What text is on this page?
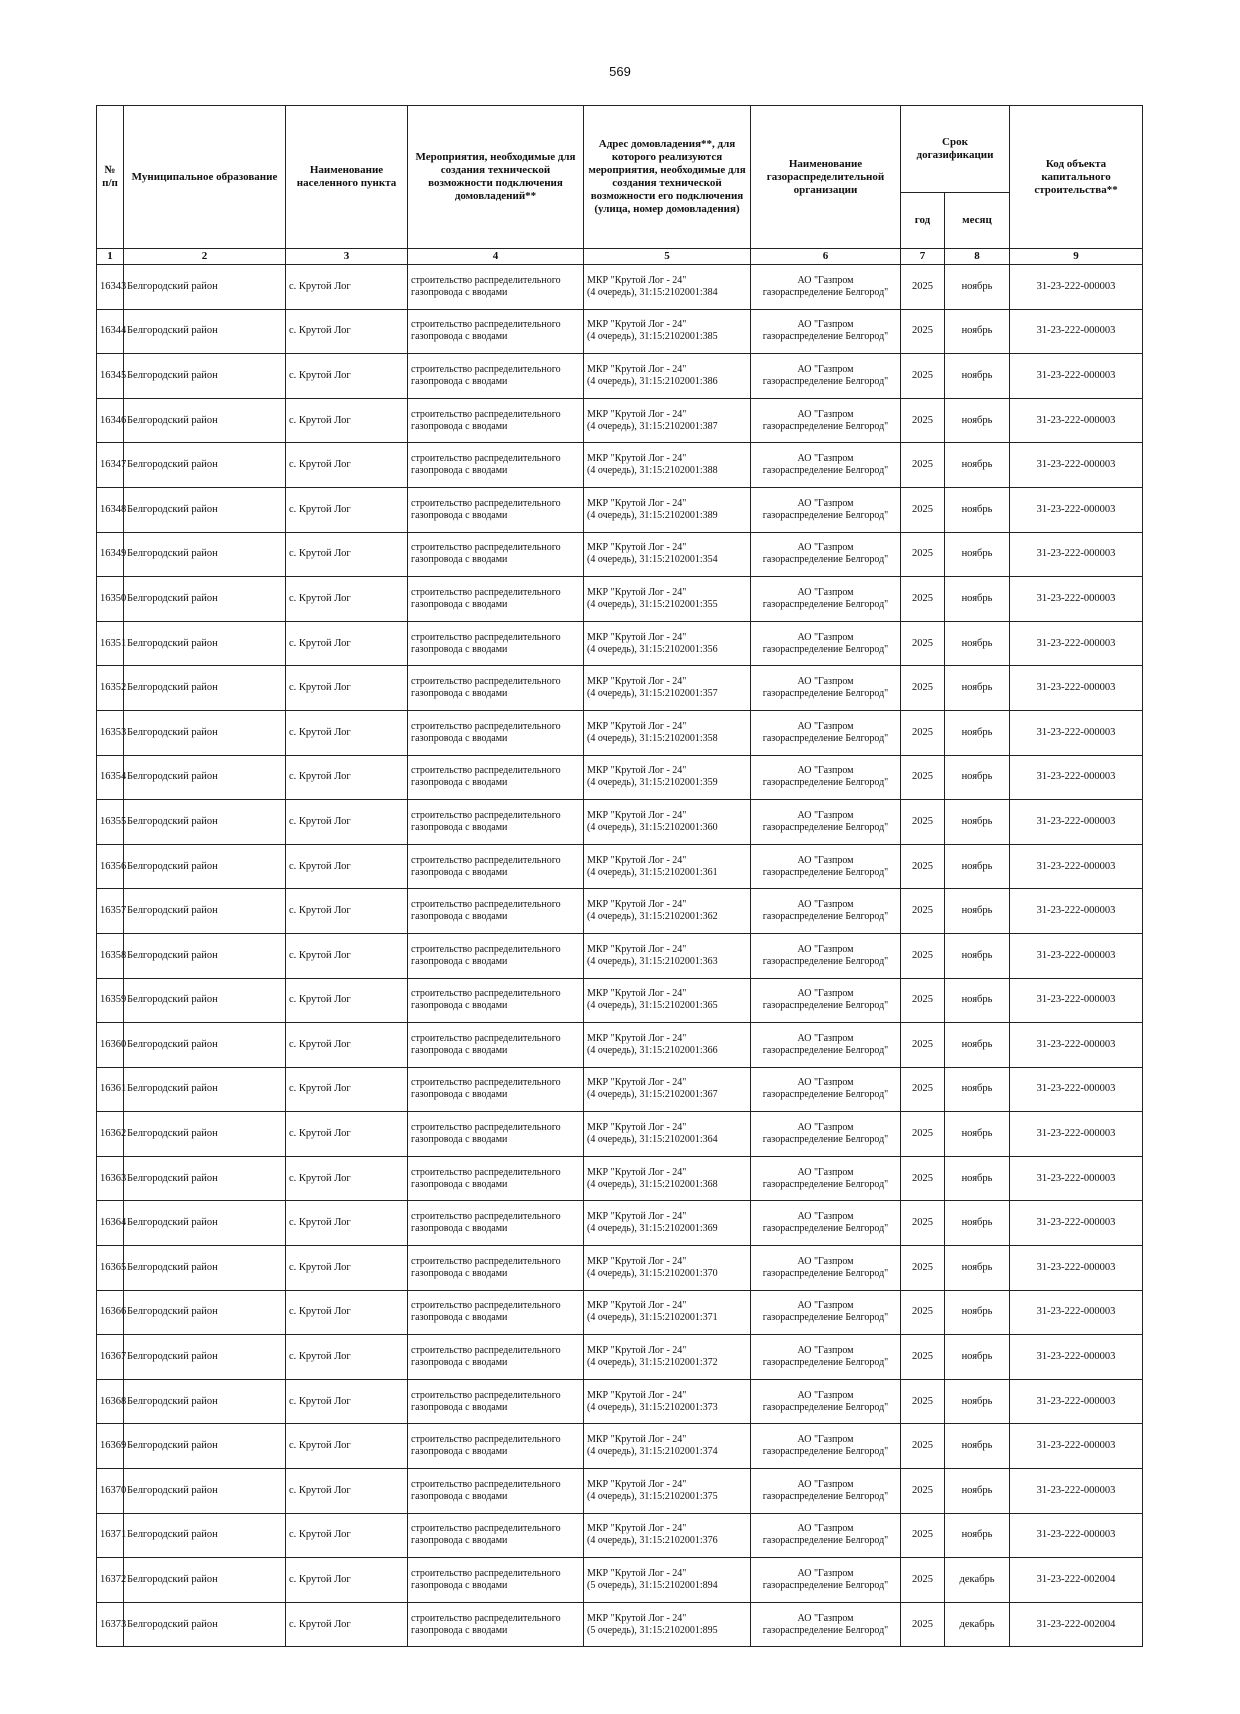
569
№ п/п	Муниципальное образование	Наименование населенного пункта	Мероприятия, необходимые для создания технической возможности подключения домовладений**	Адрес домовладения**, для которого реализуются мероприятия, необходимые для создания технической возможности его подключения (улица, номер домовладения)	Наименование газораспределительной организации	Срок догазификации		Код объекта капитального строительства**
						год	месяц	
1	2	3	4	5	6	7	8	9
16343	Белгородский район	с. Крутой Лог	строительство распределительного
газопровода с вводами	МКР "Крутой Лог - 24"
(4 очередь), 31:15:2102001:384	АО "Газпром
газораспределение Белгород"	2025	ноябрь	31-23-222-000003
16344	Белгородский район	с. Крутой Лог	строительство распределительного
газопровода с вводами	МКР "Крутой Лог - 24"
(4 очередь), 31:15:2102001:385	АО "Газпром
газораспределение Белгород"	2025	ноябрь	31-23-222-000003
16345	Белгородский район	с. Крутой Лог	строительство распределительного
газопровода с вводами	МКР "Крутой Лог - 24"
(4 очередь), 31:15:2102001:386	АО "Газпром
газораспределение Белгород"	2025	ноябрь	31-23-222-000003
16346	Белгородский район	с. Крутой Лог	строительство распределительного
газопровода с вводами	МКР "Крутой Лог - 24"
(4 очередь), 31:15:2102001:387	АО "Газпром
газораспределение Белгород"	2025	ноябрь	31-23-222-000003
16347	Белгородский район	с. Крутой Лог	строительство распределительного
газопровода с вводами	МКР "Крутой Лог - 24"
(4 очередь), 31:15:2102001:388	АО "Газпром
газораспределение Белгород"	2025	ноябрь	31-23-222-000003
16348	Белгородский район	с. Крутой Лог	строительство распределительного
газопровода с вводами	МКР "Крутой Лог - 24"
(4 очередь), 31:15:2102001:389	АО "Газпром
газораспределение Белгород"	2025	ноябрь	31-23-222-000003
16349	Белгородский район	с. Крутой Лог	строительство распределительного
газопровода с вводами	МКР "Крутой Лог - 24"
(4 очередь), 31:15:2102001:354	АО "Газпром
газораспределение Белгород"	2025	ноябрь	31-23-222-000003
16350	Белгородский район	с. Крутой Лог	строительство распределительного
газопровода с вводами	МКР "Крутой Лог - 24"
(4 очередь), 31:15:2102001:355	АО "Газпром
газораспределение Белгород"	2025	ноябрь	31-23-222-000003
16351	Белгородский район	с. Крутой Лог	строительство распределительного
газопровода с вводами	МКР "Крутой Лог - 24"
(4 очередь), 31:15:2102001:356	АО "Газпром
газораспределение Белгород"	2025	ноябрь	31-23-222-000003
16352	Белгородский район	с. Крутой Лог	строительство распределительного
газопровода с вводами	МКР "Крутой Лог - 24"
(4 очередь), 31:15:2102001:357	АО "Газпром
газораспределение Белгород"	2025	ноябрь	31-23-222-000003
16353	Белгородский район	с. Крутой Лог	строительство распределительного
газопровода с вводами	МКР "Крутой Лог - 24"
(4 очередь), 31:15:2102001:358	АО "Газпром
газораспределение Белгород"	2025	ноябрь	31-23-222-000003
16354	Белгородский район	с. Крутой Лог	строительство распределительного
газопровода с вводами	МКР "Крутой Лог - 24"
(4 очередь), 31:15:2102001:359	АО "Газпром
газораспределение Белгород"	2025	ноябрь	31-23-222-000003
16355	Белгородский район	с. Крутой Лог	строительство распределительного
газопровода с вводами	МКР "Крутой Лог - 24"
(4 очередь), 31:15:2102001:360	АО "Газпром
газораспределение Белгород"	2025	ноябрь	31-23-222-000003
16356	Белгородский район	с. Крутой Лог	строительство распределительного
газопровода с вводами	МКР "Крутой Лог - 24"
(4 очередь), 31:15:2102001:361	АО "Газпром
газораспределение Белгород"	2025	ноябрь	31-23-222-000003
16357	Белгородский район	с. Крутой Лог	строительство распределительного
газопровода с вводами	МКР "Крутой Лог - 24"
(4 очередь), 31:15:2102001:362	АО "Газпром
газораспределение Белгород"	2025	ноябрь	31-23-222-000003
16358	Белгородский район	с. Крутой Лог	строительство распределительного
газопровода с вводами	МКР "Крутой Лог - 24"
(4 очередь), 31:15:2102001:363	АО "Газпром
газораспределение Белгород"	2025	ноябрь	31-23-222-000003
16359	Белгородский район	с. Крутой Лог	строительство распределительного
газопровода с вводами	МКР "Крутой Лог - 24"
(4 очередь), 31:15:2102001:365	АО "Газпром
газораспределение Белгород"	2025	ноябрь	31-23-222-000003
16360	Белгородский район	с. Крутой Лог	строительство распределительного
газопровода с вводами	МКР "Крутой Лог - 24"
(4 очередь), 31:15:2102001:366	АО "Газпром
газораспределение Белгород"	2025	ноябрь	31-23-222-000003
16361	Белгородский район	с. Крутой Лог	строительство распределительного
газопровода с вводами	МКР "Крутой Лог - 24"
(4 очередь), 31:15:2102001:367	АО "Газпром
газораспределение Белгород"	2025	ноябрь	31-23-222-000003
16362	Белгородский район	с. Крутой Лог	строительство распределительного
газопровода с вводами	МКР "Крутой Лог - 24"
(4 очередь), 31:15:2102001:364	АО "Газпром
газораспределение Белгород"	2025	ноябрь	31-23-222-000003
16363	Белгородский район	с. Крутой Лог	строительство распределительного
газопровода с вводами	МКР "Крутой Лог - 24"
(4 очередь), 31:15:2102001:368	АО "Газпром
газораспределение Белгород"	2025	ноябрь	31-23-222-000003
16364	Белгородский район	с. Крутой Лог	строительство распределительного
газопровода с вводами	МКР "Крутой Лог - 24"
(4 очередь), 31:15:2102001:369	АО "Газпром
газораспределение Белгород"	2025	ноябрь	31-23-222-000003
16365	Белгородский район	с. Крутой Лог	строительство распределительного
газопровода с вводами	МКР "Крутой Лог - 24"
(4 очередь), 31:15:2102001:370	АО "Газпром
газораспределение Белгород"	2025	ноябрь	31-23-222-000003
16366	Белгородский район	с. Крутой Лог	строительство распределительного
газопровода с вводами	МКР "Крутой Лог - 24"
(4 очередь), 31:15:2102001:371	АО "Газпром
газораспределение Белгород"	2025	ноябрь	31-23-222-000003
16367	Белгородский район	с. Крутой Лог	строительство распределительного
газопровода с вводами	МКР "Крутой Лог - 24"
(4 очередь), 31:15:2102001:372	АО "Газпром
газораспределение Белгород"	2025	ноябрь	31-23-222-000003
16368	Белгородский район	с. Крутой Лог	строительство распределительного
газопровода с вводами	МКР "Крутой Лог - 24"
(4 очередь), 31:15:2102001:373	АО "Газпром
газораспределение Белгород"	2025	ноябрь	31-23-222-000003
16369	Белгородский район	с. Крутой Лог	строительство распределительного
газопровода с вводами	МКР "Крутой Лог - 24"
(4 очередь), 31:15:2102001:374	АО "Газпром
газораспределение Белгород"	2025	ноябрь	31-23-222-000003
16370	Белгородский район	с. Крутой Лог	строительство распределительного
газопровода с вводами	МКР "Крутой Лог - 24"
(4 очередь), 31:15:2102001:375	АО "Газпром
газораспределение Белгород"	2025	ноябрь	31-23-222-000003
16371	Белгородский район	с. Крутой Лог	строительство распределительного
газопровода с вводами	МКР "Крутой Лог - 24"
(4 очередь), 31:15:2102001:376	АО "Газпром
газораспределение Белгород"	2025	ноябрь	31-23-222-000003
16372	Белгородский район	с. Крутой Лог	строительство распределительного
газопровода с вводами	МКР "Крутой Лог - 24"
(5 очередь), 31:15:2102001:894	АО "Газпром
газораспределение Белгород"	2025	декабрь	31-23-222-002004
16373	Белгородский район	с. Крутой Лог	строительство распределительного
газопровода с вводами	МКР "Крутой Лог - 24"
(5 очередь), 31:15:2102001:895	АО "Газпром
газораспределение Белгород"	2025	декабрь	31-23-222-002004
